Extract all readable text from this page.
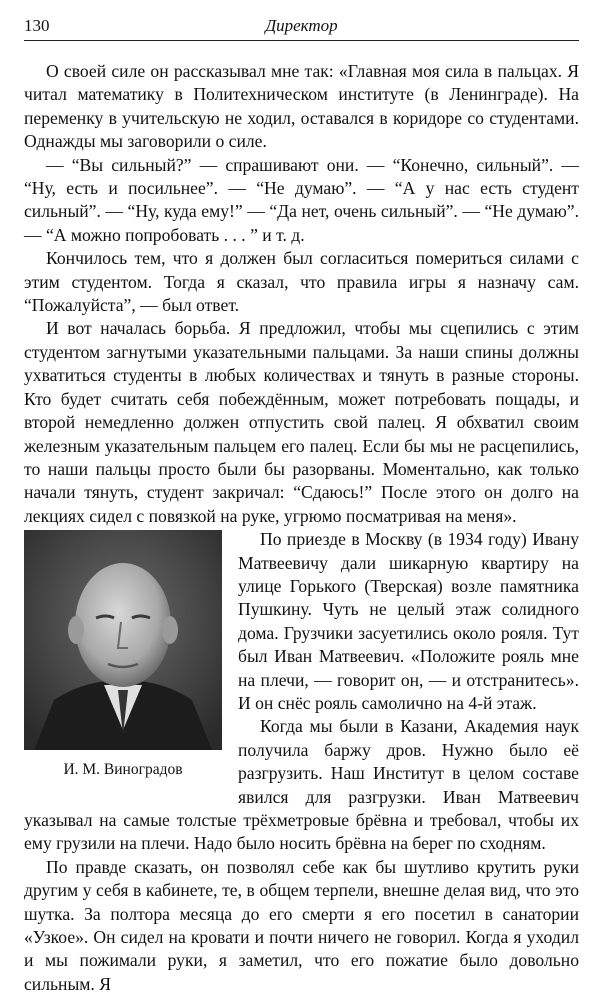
130	Директор

О своей силе он рассказывал мне так: «Главная моя сила в пальцах. Я читал математику в Политехническом институте (в Ленинграде). На переменку в учительскую не ходил, оставался в коридоре со студентами. Однажды мы заговорили о силе.

— “Вы сильный?” — спрашивают они. — “Конечно, сильный”. — “Ну, есть и посильнее”. — “Не думаю”. — “А у нас есть студент сильный”. — “Ну, куда ему!” — “Да нет, очень сильный”. — “Не думаю”. — “А можно попробовать . . . ” и т. д.

Кончилось тем, что я должен был согласиться помериться силами с этим студентом. Тогда я сказал, что правила игры я назначу сам. “Пожалуйста”, — был ответ.

И вот началась борьба. Я предложил, чтобы мы сцепились с этим студентом загнутыми указательными пальцами. За наши спины должны ухватиться студенты в любых количествах и тянуть в разные стороны. Кто будет считать себя побеждённым, может потребовать пощады, и второй немедленно должен отпустить свой палец. Я обхватил своим железным указательным пальцем его палец. Если бы мы не расцепились, то наши пальцы просто были бы разорваны. Моментально, как только начали тянуть, студент закричал: “Сдаюсь!” После этого он долго на лекциях сидел с повязкой на руке, угрюмо посматривая на меня».

И. М. Виноградов

По приезде в Москву (в 1934 году) Ивану Матвеевичу дали шикарную квартиру на улице Горького (Тверская) возле памятника Пушкину. Чуть не целый этаж солидного дома. Грузчики засуетились около рояля. Тут был Иван Матвеевич. «Положите рояль мне на плечи, — говорит он, — и отстранитесь». И он снёс рояль самолично на 4-й этаж.

Когда мы были в Казани, Академия наук получила баржу дров. Нужно было её разгрузить. Наш Институт в целом составе явился для разгрузки. Иван Матвеевич указывал на самые толстые трёхметровые брёвна и требовал, чтобы их ему грузили на плечи. Надо было носить брёвна на берег по сходням.

По правде сказать, он позволял себе как бы шутливо крутить руки другим у себя в кабинете, те, в общем терпели, внешне делая вид, что это шутка. За полтора месяца до его смерти я его посетил в санатории «Узкое». Он сидел на кровати и почти ничего не говорил. Когда я уходил и мы пожимали руки, я заметил, что его пожатие было довольно сильным. Я
